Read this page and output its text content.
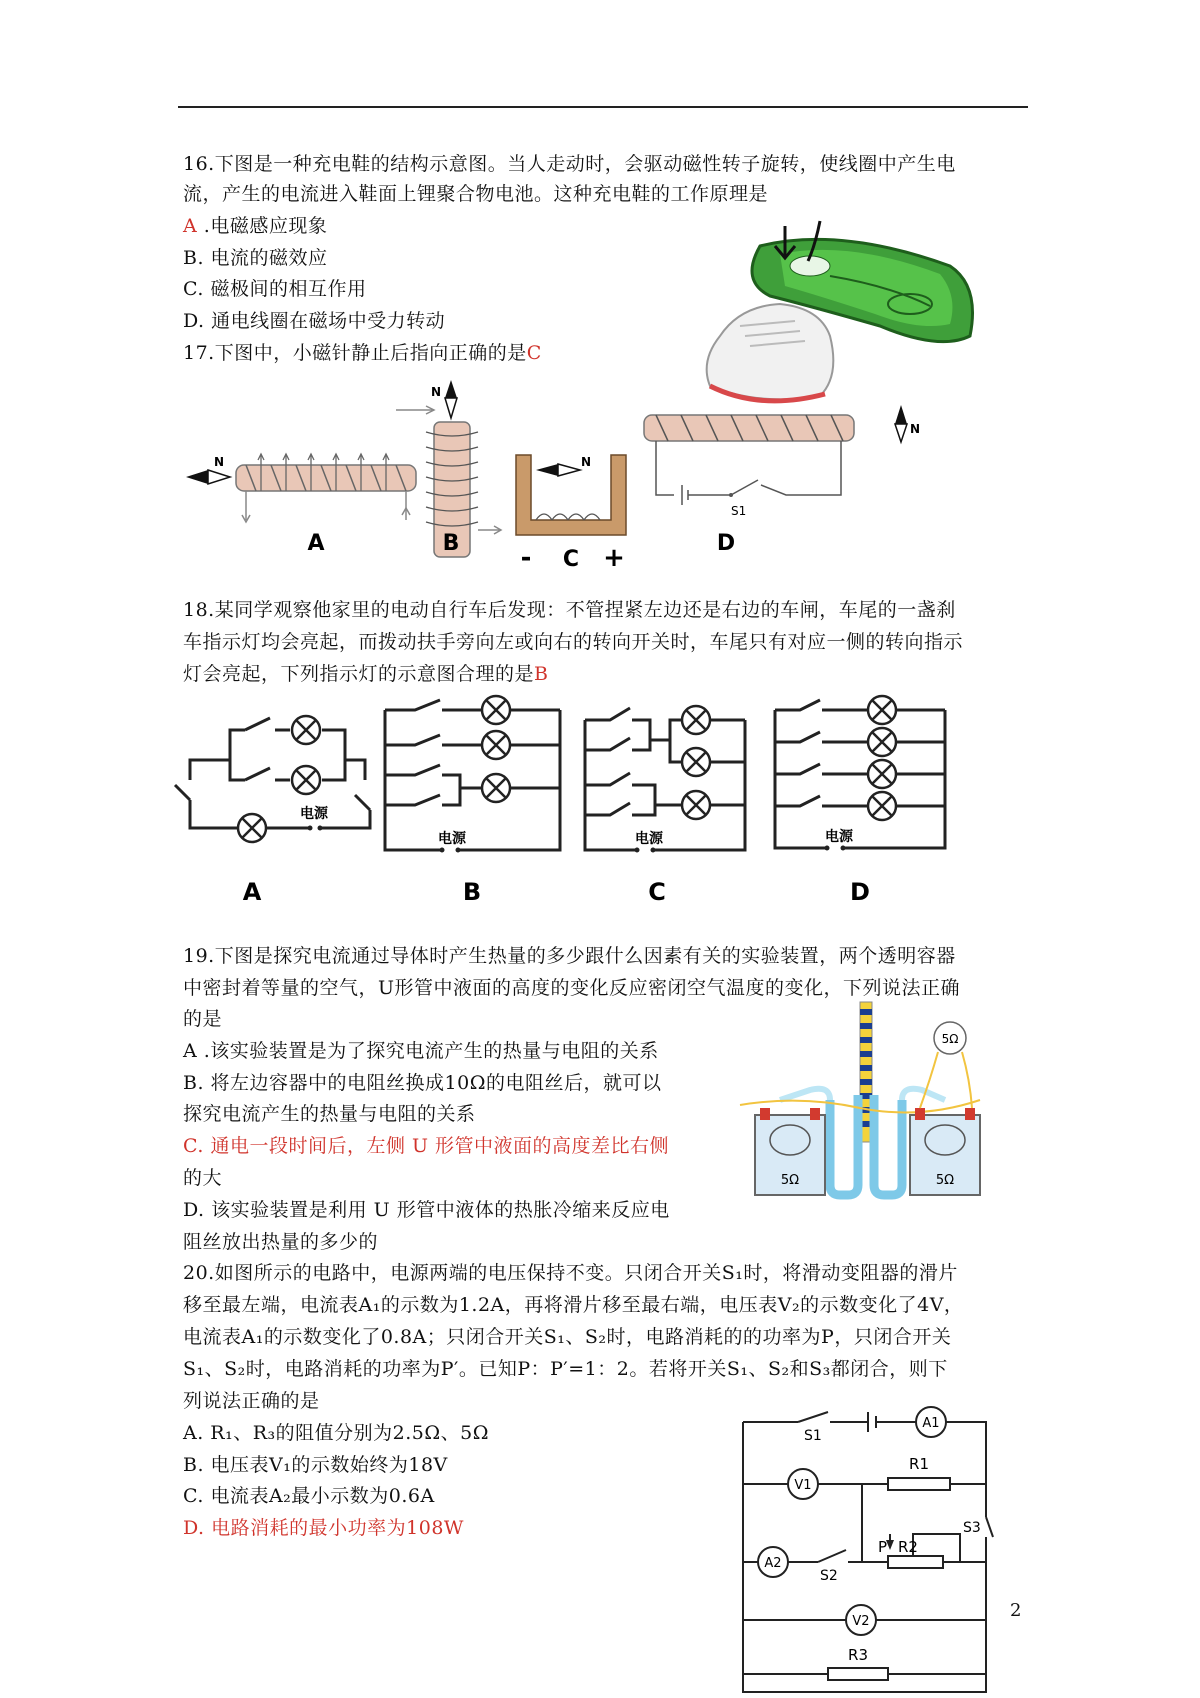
16.下图是一种充电鞋的结构示意图。当人走动时，会驱动磁性转子旋转，使线圈中产生电
流，产生的电流进入鞋面上锂聚合物电池。这种充电鞋的工作原理是
A .电磁感应现象
B. 电流的磁效应
C. 磁极间的相互作用
D. 通电线圈在磁场中受力转动
17.下图中，小磁针静止后指向正确的是C
N
A
N
B
N
- C +
S1
N
D
18.某同学观察他家里的电动自行车后发现：不管捏紧左边还是右边的车闸，车尾的一盏刹
车指示灯均会亮起，而拨动扶手旁向左或向右的转向开关时，车尾只有对应一侧的转向指示
灯会亮起，下列指示灯的示意图合理的是B
电源
A
电源
B
电源
C
电源
D
19.下图是探究电流通过导体时产生热量的多少跟什么因素有关的实验装置，两个透明容器
中密封着等量的空气，U形管中液面的高度的变化反应密闭空气温度的变化，下列说法正确
的是
A .该实验装置是为了探究电流产生的热量与电阻的关系
B. 将左边容器中的电阻丝换成10Ω的电阻丝后，就可以
探究电流产生的热量与电阻的关系
C. 通电一段时间后，左侧 U 形管中液面的高度差比右侧
的大
D. 该实验装置是利用 U 形管中液体的热胀冷缩来反应电
阻丝放出热量的多少的
5Ω	5Ω
5Ω
20.如图所示的电路中，电源两端的电压保持不变。只闭合开关S₁时，将滑动变阻器的滑片
移至最左端，电流表A₁的示数为1.2A，再将滑片移至最右端，电压表V₂的示数变化了4V，
电流表A₁的示数变化了0.8A；只闭合开关S₁、S₂时，电路消耗的的功率为P，只闭合开关
S₁、S₂时，电路消耗的功率为P′。已知P：P′=1：2。若将开关S₁、S₂和S₃都闭合，则下
列说法正确的是
A. R₁、R₃的阻值分别为2.5Ω、5Ω
B. 电压表V₁的示数始终为18V
C. 电流表A₂最小示数为0.6A
D. 电路消耗的最小功率为108W
A1
V1
R1
A2
P R2
S2
S1
S3
V2
R3
2
